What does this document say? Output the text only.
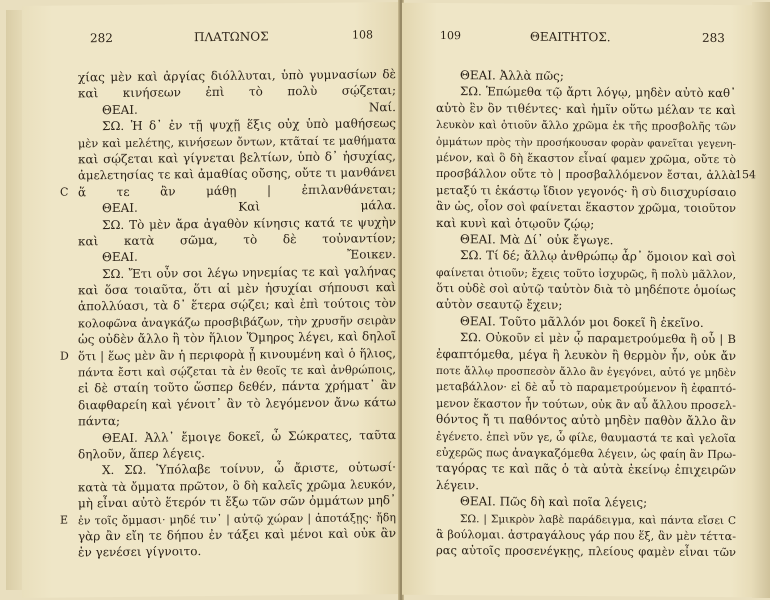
282	ΠΛΑΤΩΝΟΣ	108
χίας μὲν καὶ ἀργίας διόλλυται, ὑπὸ γυμνασίων δὲ
καὶ κινήσεων ἐπὶ τὸ πολὺ σῴζεται;
ΘΕΑΙ. Ναί.
ΣΩ. Ἡ δ᾽ ἐν τῇ ψυχῇ ἕξις οὐχ ὑπὸ μαθήσεως
μὲν καὶ μελέτης, κινήσεων ὄντων, κτᾶταί τε μαθήματα
καὶ σῴζεται καὶ γίγνεται βελτίων, ὑπὸ δ᾽ ἡσυχίας,
ἀμελετησίας τε καὶ ἀμαθίας οὔσης, οὔτε τι μανθάνει
C ἅ τε ἂν μάθῃ | ἐπιλανθάνεται;
ΘΕΑΙ. Καὶ μάλα.
ΣΩ. Τὸ μὲν ἄρα ἀγαθὸν κίνησις κατά τε ψυχὴν
καὶ κατὰ σῶμα, τὸ δὲ τοὐναντίον;
ΘΕΑΙ. Ἔοικεν.
ΣΩ. Ἔτι οὖν σοι λέγω νηνεμίας τε καὶ γαλήνας
καὶ ὅσα τοιαῦτα, ὅτι αἱ μὲν ἡσυχίαι σήπουσι καὶ
ἀπολλύασι, τὰ δ᾽ ἕτερα σῴζει; καὶ ἐπὶ τούτοις τὸν
κολοφῶνα ἀναγκάζω προσβιβάζων, τὴν χρυσῆν σειρὰν
ὡς οὐδὲν ἄλλο ἢ τὸν ἥλιον Ὅμηρος λέγει, καὶ δηλοῖ
D ὅτι | ἕως μὲν ἂν ἡ περιφορὰ ᾖ κινουμένη καὶ ὁ ἥλιος,
πάντα ἔστι καὶ σῴζεται τὰ ἐν θεοῖς τε καὶ ἀνθρώποις,
εἰ δὲ σταίη τοῦτο ὥσπερ δεθέν, πάντα χρήματ᾽ ἂν
διαφθαρείη καὶ γένοιτ᾽ ἂν τὸ λεγόμενον ἄνω κάτω
πάντα;
ΘΕΑΙ. Ἀλλ᾽ ἔμοιγε δοκεῖ, ὦ Σώκρατες, ταῦτα
δηλοῦν, ἅπερ λέγεις.
Χ. ΣΩ. Ὑπόλαβε τοίνυν, ὦ ἄριστε, οὑτωσί·
κατὰ τὰ ὄμματα πρῶτον, ὃ δὴ καλεῖς χρῶμα λευκόν,
μὴ εἶναι αὐτὸ ἕτερόν τι ἔξω τῶν σῶν ὀμμάτων μηδ᾽
E ἐν τοῖς ὄμμασι· μηδέ τιν᾽ | αὐτῷ χώραν | ἀποτάξῃς· ἤδη
γὰρ ἂν εἴη τε δήπου ἐν τάξει καὶ μένοι καὶ οὐκ ἂν
ἐν γενέσει γίγνοιτο.
109	ΘΕΑΙΤΗΤΟΣ.	283
ΘΕΑΙ. Ἀλλὰ πῶς;
ΣΩ. Ἑπώμεθα τῷ ἄρτι λόγῳ, μηδὲν αὐτὸ καθ᾽
αὑτὸ ἓν ὂν τιθέντες· καὶ ἡμῖν οὕτω μέλαν τε καὶ
λευκὸν καὶ ὁτιοῦν ἄλλο χρῶμα ἐκ τῆς προσβολῆς τῶν
ὀμμάτων πρὸς τὴν προσήκουσαν φορὰν φανεῖται γεγενη-
μένον, καὶ ὃ δὴ ἕκαστον εἶναί φαμεν χρῶμα, οὔτε τὸ
προσβάλλον οὔτε τὸ | προσβαλλόμενον ἔσται, ἀλλὰ 154
μεταξύ τι ἑκάστῳ ἴδιον γεγονός· ἢ σὺ διισχυρίσαιο
ἂν ὡς, οἷον σοὶ φαίνεται ἕκαστον χρῶμα, τοιοῦτον
καὶ κυνὶ καὶ ὁτῳοῦν ζῴῳ;
ΘΕΑΙ. Μὰ Δί᾽ οὐκ ἔγωγε.
ΣΩ. Τί δέ; ἄλλῳ ἀνθρώπῳ ἆρ᾽ ὅμοιον καὶ σοὶ
φαίνεται ὁτιοῦν; ἔχεις τοῦτο ἰσχυρῶς, ἢ πολὺ μᾶλλον,
ὅτι οὐδὲ σοὶ αὐτῷ ταὐτὸν διὰ τὸ μηδέποτε ὁμοίως
αὐτὸν σεαυτῷ ἔχειν;
ΘΕΑΙ. Τοῦτο μᾶλλόν μοι δοκεῖ ἢ ἐκεῖνο.
ΣΩ. Οὐκοῦν εἰ μὲν ᾧ παραμετρούμεθα ἢ οὗ | Β
ἐφαπτόμεθα, μέγα ἢ λευκὸν ἢ θερμὸν ἦν, οὐκ ἄν
ποτε ἄλλῳ προσπεσὸν ἄλλο ἂν ἐγεγόνει, αὐτό γε μηδὲν
μεταβάλλον· εἰ δὲ αὖ τὸ παραμετρούμενον ἢ ἐφαπτό-
μενον ἕκαστον ἦν τούτων, οὐκ ἂν αὖ ἄλλου προσελ-
θόντος ἤ τι παθόντος αὐτὸ μηδὲν παθὸν ἄλλο ἂν
ἐγένετο. ἐπεὶ νῦν γε, ὦ φίλε, θαυμαστά τε καὶ γελοῖα
εὐχερῶς πως ἀναγκαζόμεθα λέγειν, ὡς φαίη ἂν Πρω-
ταγόρας τε καὶ πᾶς ὁ τὰ αὐτὰ ἐκείνῳ ἐπιχειρῶν
λέγειν.
ΘΕΑΙ. Πῶς δὴ καὶ ποῖα λέγεις;
ΣΩ. | Σμικρὸν λαβὲ παράδειγμα, καὶ πάντα εἴσει C
ἃ βούλομαι. ἀστραγάλους γάρ που ἕξ, ἂν μὲν τέττα-
ρας αὐτοῖς προσενέγκῃς, πλείους φαμὲν εἶναι τῶν
